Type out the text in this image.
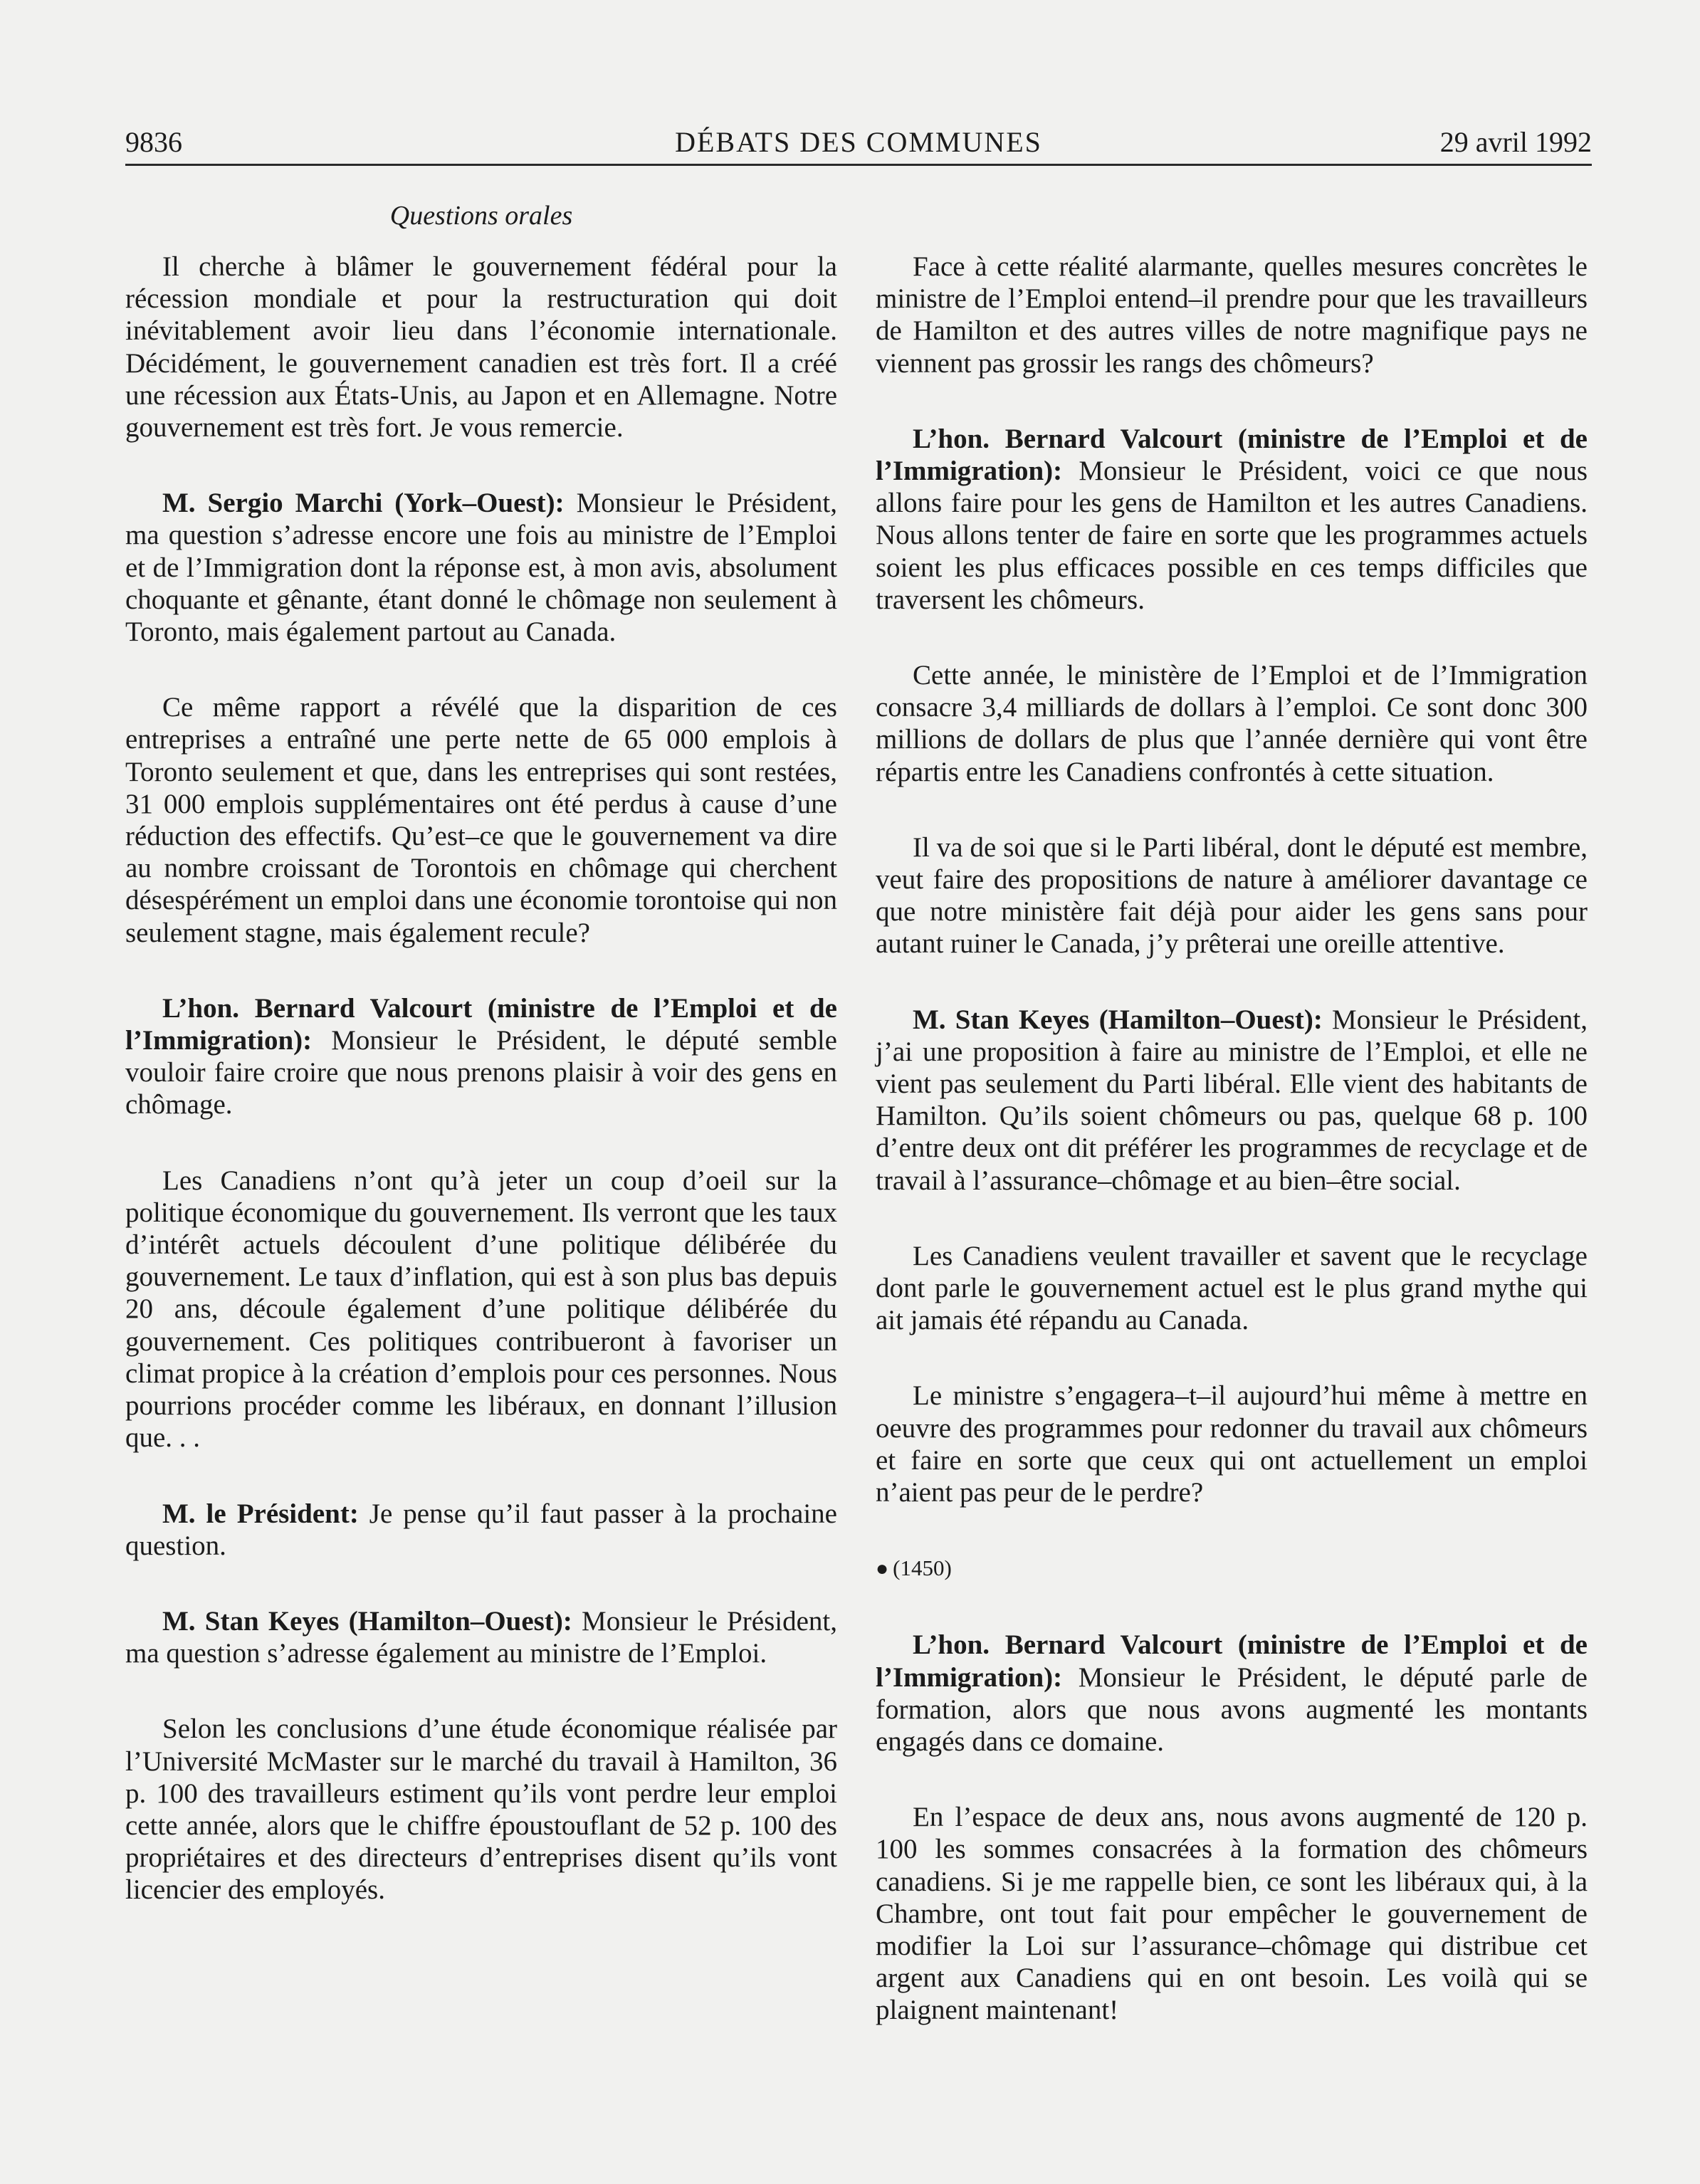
9836	DÉBATS DES COMMUNES	29 avril 1992
Questions orales

Il cherche à blâmer le gouvernement fédéral pour la récession mondiale et pour la restructuration qui doit inévitablement avoir lieu dans l’économie internationale. Décidément, le gouvernement canadien est très fort. Il a créé une récession aux États-Unis, au Japon et en Allemagne. Notre gouvernement est très fort. Je vous remercie.

M. Sergio Marchi (York–Ouest): Monsieur le Président, ma question s’adresse encore une fois au ministre de l’Emploi et de l’Immigration dont la réponse est, à mon avis, absolument choquante et gênante, étant donné le chômage non seulement à Toronto, mais également partout au Canada.

Ce même rapport a révélé que la disparition de ces entreprises a entraîné une perte nette de 65 000 emplois à Toronto seulement et que, dans les entreprises qui sont restées, 31 000 emplois supplémentaires ont été perdus à cause d’une réduction des effectifs. Qu’est–ce que le gouvernement va dire au nombre croissant de Torontois en chômage qui cherchent désespérément un emploi dans une économie torontoise qui non seulement stagne, mais également recule?

L’hon. Bernard Valcourt (ministre de l’Emploi et de l’Immigration): Monsieur le Président, le député semble vouloir faire croire que nous prenons plaisir à voir des gens en chômage.

Les Canadiens n’ont qu’à jeter un coup d’oeil sur la politique économique du gouvernement. Ils verront que les taux d’intérêt actuels découlent d’une politique délibérée du gouvernement. Le taux d’inflation, qui est à son plus bas depuis 20 ans, découle également d’une politique délibérée du gouvernement. Ces politiques contribueront à favoriser un climat propice à la création d’emplois pour ces personnes. Nous pourrions procéder comme les libéraux, en donnant l’illusion que. . .

M. le Président: Je pense qu’il faut passer à la prochaine question.

M. Stan Keyes (Hamilton–Ouest): Monsieur le Président, ma question s’adresse également au ministre de l’Emploi.

Selon les conclusions d’une étude économique réalisée par l’Université McMaster sur le marché du travail à Hamilton, 36 p. 100 des travailleurs estiment qu’ils vont perdre leur emploi cette année, alors que le chiffre époustouflant de 52 p. 100 des propriétaires et des directeurs d’entreprises disent qu’ils vont licencier des employés.

Face à cette réalité alarmante, quelles mesures concrètes le ministre de l’Emploi entend–il prendre pour que les travailleurs de Hamilton et des autres villes de notre magnifique pays ne viennent pas grossir les rangs des chômeurs?

L’hon. Bernard Valcourt (ministre de l’Emploi et de l’Immigration): Monsieur le Président, voici ce que nous allons faire pour les gens de Hamilton et les autres Canadiens. Nous allons tenter de faire en sorte que les programmes actuels soient les plus efficaces possible en ces temps difficiles que traversent les chômeurs.

Cette année, le ministère de l’Emploi et de l’Immigration consacre 3,4 milliards de dollars à l’emploi. Ce sont donc 300 millions de dollars de plus que l’année dernière qui vont être répartis entre les Canadiens confrontés à cette situation.

Il va de soi que si le Parti libéral, dont le député est membre, veut faire des propositions de nature à améliorer davantage ce que notre ministère fait déjà pour aider les gens sans pour autant ruiner le Canada, j’y prêterai une oreille attentive.

M. Stan Keyes (Hamilton–Ouest): Monsieur le Président, j’ai une proposition à faire au ministre de l’Emploi, et elle ne vient pas seulement du Parti libéral. Elle vient des habitants de Hamilton. Qu’ils soient chômeurs ou pas, quelque 68 p. 100 d’entre deux ont dit préférer les programmes de recyclage et de travail à l’assurance–chômage et au bien–être social.

Les Canadiens veulent travailler et savent que le recyclage dont parle le gouvernement actuel est le plus grand mythe qui ait jamais été répandu au Canada.

Le ministre s’engagera–t–il aujourd’hui même à mettre en oeuvre des programmes pour redonner du travail aux chômeurs et faire en sorte que ceux qui ont actuellement un emploi n’aient pas peur de le perdre?

● (1450)

L’hon. Bernard Valcourt (ministre de l’Emploi et de l’Immigration): Monsieur le Président, le député parle de formation, alors que nous avons augmenté les montants engagés dans ce domaine.

En l’espace de deux ans, nous avons augmenté de 120 p. 100 les sommes consacrées à la formation des chômeurs canadiens. Si je me rappelle bien, ce sont les libéraux qui, à la Chambre, ont tout fait pour empêcher le gouvernement de modifier la Loi sur l’assurance–chômage qui distribue cet argent aux Canadiens qui en ont besoin. Les voilà qui se plaignent maintenant!
